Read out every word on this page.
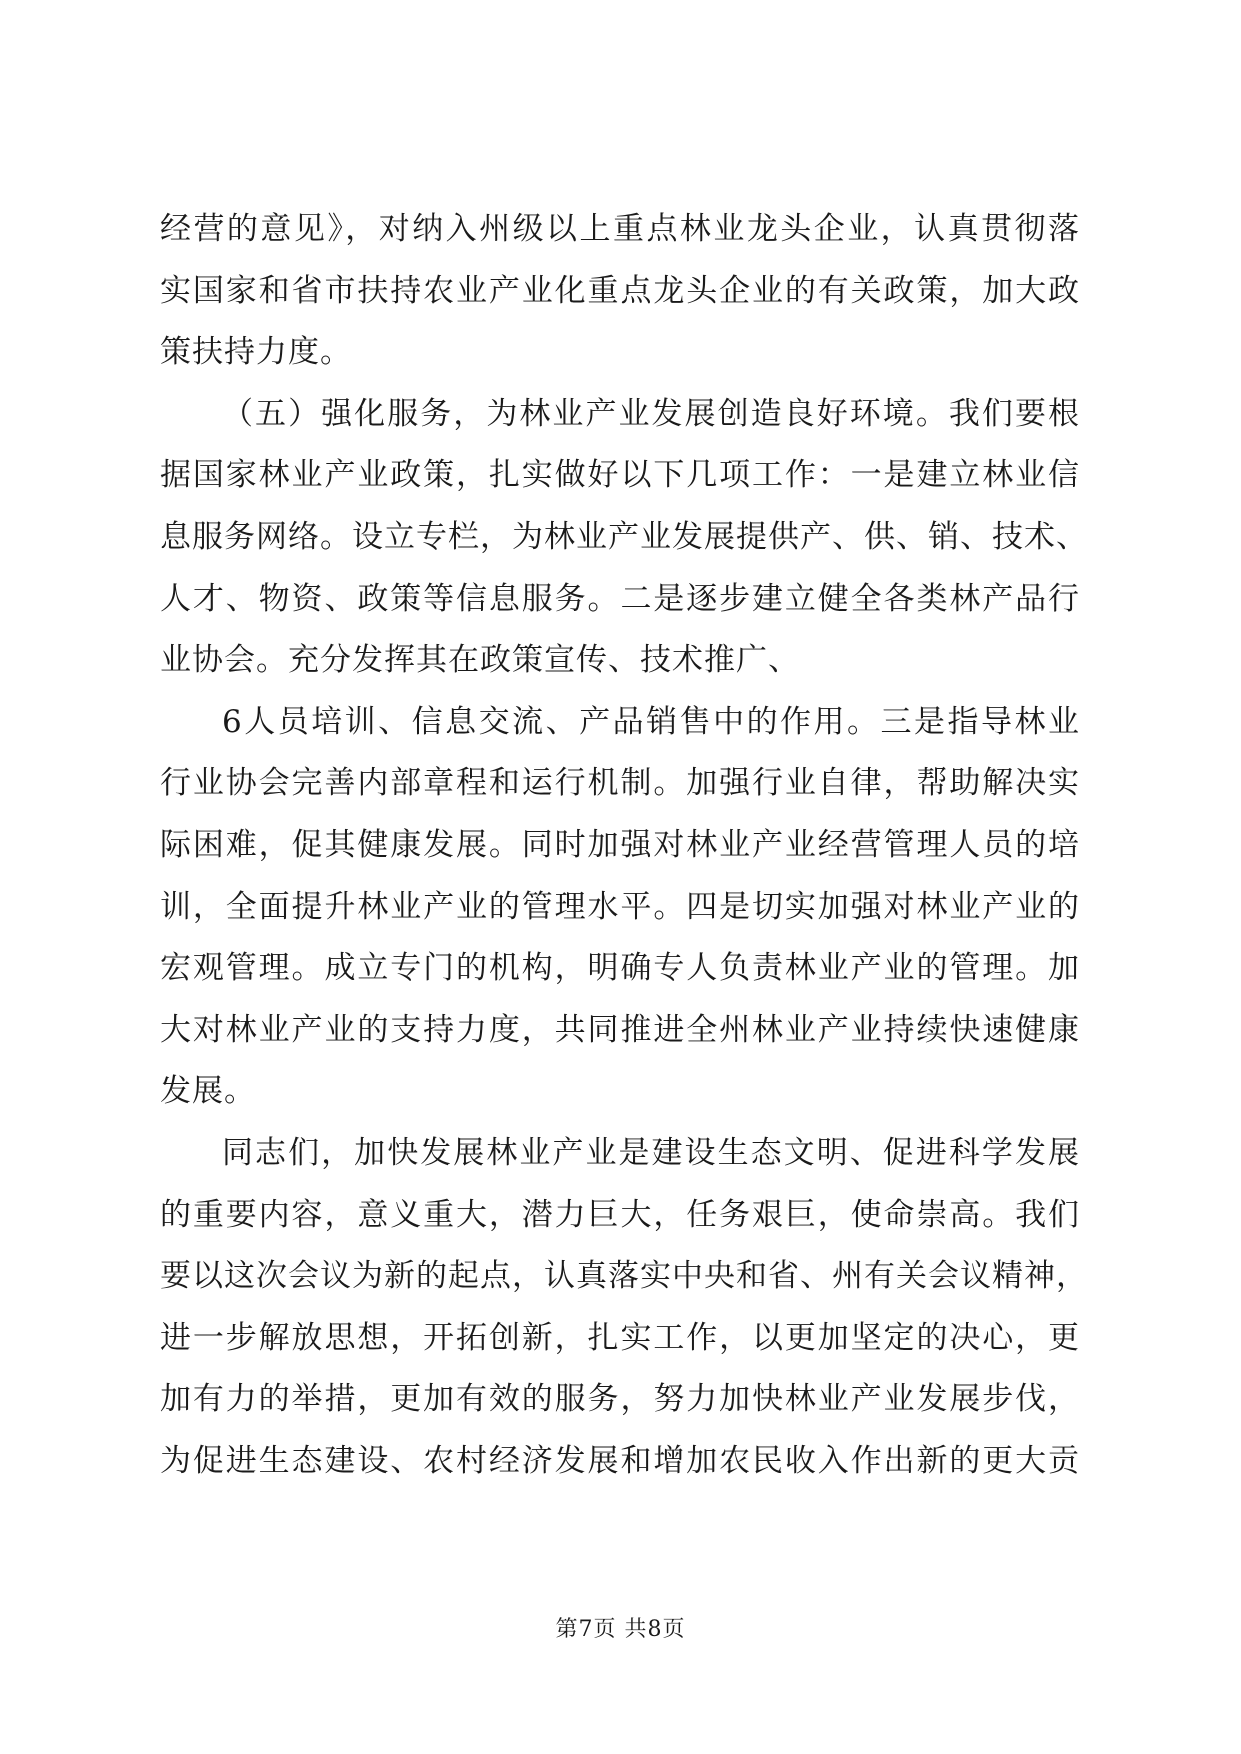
经营的意见》，对纳入州级以上重点林业龙头企业，认真贯彻落
实国家和省市扶持农业产业化重点龙头企业的有关政策，加大政
策扶持力度。
（五）强化服务，为林业产业发展创造良好环境。我们要根
据国家林业产业政策，扎实做好以下几项工作：一是建立林业信
息服务网络。设立专栏，为林业产业发展提供产、供、销、技术、
人才、物资、政策等信息服务。二是逐步建立健全各类林产品行
业协会。充分发挥其在政策宣传、技术推广、
6人员培训、信息交流、产品销售中的作用。三是指导林业
行业协会完善内部章程和运行机制。加强行业自律，帮助解决实
际困难，促其健康发展。同时加强对林业产业经营管理人员的培
训，全面提升林业产业的管理水平。四是切实加强对林业产业的
宏观管理。成立专门的机构，明确专人负责林业产业的管理。加
大对林业产业的支持力度，共同推进全州林业产业持续快速健康
发展。
同志们，加快发展林业产业是建设生态文明、促进科学发展
的重要内容，意义重大，潜力巨大，任务艰巨，使命崇高。我们
要以这次会议为新的起点，认真落实中央和省、州有关会议精神，
进一步解放思想，开拓创新，扎实工作，以更加坚定的决心，更
加有力的举措，更加有效的服务，努力加快林业产业发展步伐，
为促进生态建设、农村经济发展和增加农民收入作出新的更大贡
第7页 共8页
